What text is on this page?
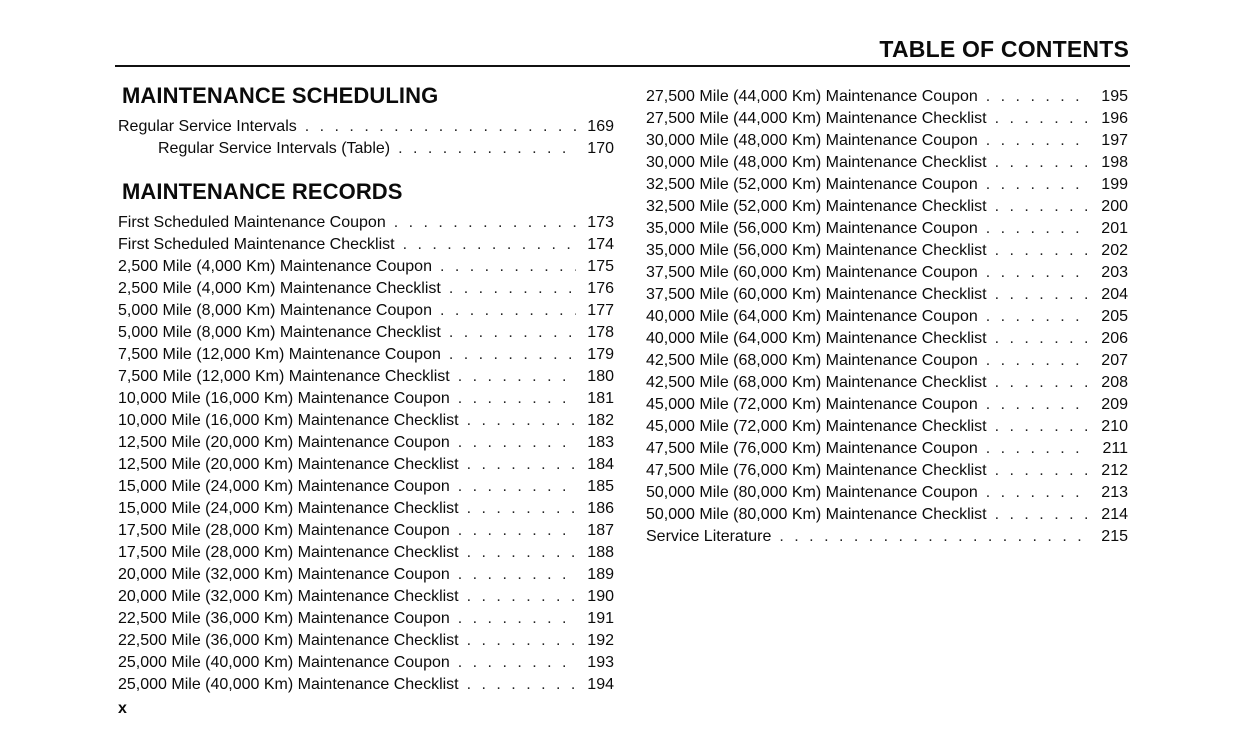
TABLE OF CONTENTS
MAINTENANCE SCHEDULING
Regular Service Intervals . . .	169
Regular Service Intervals (Table) . . .	170
MAINTENANCE RECORDS
First Scheduled Maintenance Coupon . . .	173
First Scheduled Maintenance Checklist . . .	174
2,500 Mile (4,000 Km) Maintenance Coupon . . .	175
2,500 Mile (4,000 Km) Maintenance Checklist . . .	176
5,000 Mile (8,000 Km) Maintenance Coupon . . .	177
5,000 Mile (8,000 Km) Maintenance Checklist . . .	178
7,500 Mile (12,000 Km) Maintenance Coupon . . .	179
7,500 Mile (12,000 Km) Maintenance Checklist . . .	180
10,000 Mile (16,000 Km) Maintenance Coupon . . .	181
10,000 Mile (16,000 Km) Maintenance Checklist . . .	182
12,500 Mile (20,000 Km) Maintenance Coupon . . .	183
12,500 Mile (20,000 Km) Maintenance Checklist . . .	184
15,000 Mile (24,000 Km) Maintenance Coupon . . .	185
15,000 Mile (24,000 Km) Maintenance Checklist . . .	186
17,500 Mile (28,000 Km) Maintenance Coupon . . .	187
17,500 Mile (28,000 Km) Maintenance Checklist . . .	188
20,000 Mile (32,000 Km) Maintenance Coupon . . .	189
20,000 Mile (32,000 Km) Maintenance Checklist . . .	190
22,500 Mile (36,000 Km) Maintenance Coupon . . .	191
22,500 Mile (36,000 Km) Maintenance Checklist . . .	192
25,000 Mile (40,000 Km) Maintenance Coupon . . .	193
25,000 Mile (40,000 Km) Maintenance Checklist . . .	194
27,500 Mile (44,000 Km) Maintenance Coupon . . .	195
27,500 Mile (44,000 Km) Maintenance Checklist . . .	196
30,000 Mile (48,000 Km) Maintenance Coupon . . .	197
30,000 Mile (48,000 Km) Maintenance Checklist . . .	198
32,500 Mile (52,000 Km) Maintenance Coupon . . .	199
32,500 Mile (52,000 Km) Maintenance Checklist . . .	200
35,000 Mile (56,000 Km) Maintenance Coupon . . .	201
35,000 Mile (56,000 Km) Maintenance Checklist . . .	202
37,500 Mile (60,000 Km) Maintenance Coupon . . .	203
37,500 Mile (60,000 Km) Maintenance Checklist . . .	204
40,000 Mile (64,000 Km) Maintenance Coupon . . .	205
40,000 Mile (64,000 Km) Maintenance Checklist . . .	206
42,500 Mile (68,000 Km) Maintenance Coupon . . .	207
42,500 Mile (68,000 Km) Maintenance Checklist . . .	208
45,000 Mile (72,000 Km) Maintenance Coupon . . .	209
45,000 Mile (72,000 Km) Maintenance Checklist . . .	210
47,500 Mile (76,000 Km) Maintenance Coupon . . .	211
47,500 Mile (76,000 Km) Maintenance Checklist . . .	212
50,000 Mile (80,000 Km) Maintenance Coupon . . .	213
50,000 Mile (80,000 Km) Maintenance Checklist . . .	214
Service Literature . . .	215
x
